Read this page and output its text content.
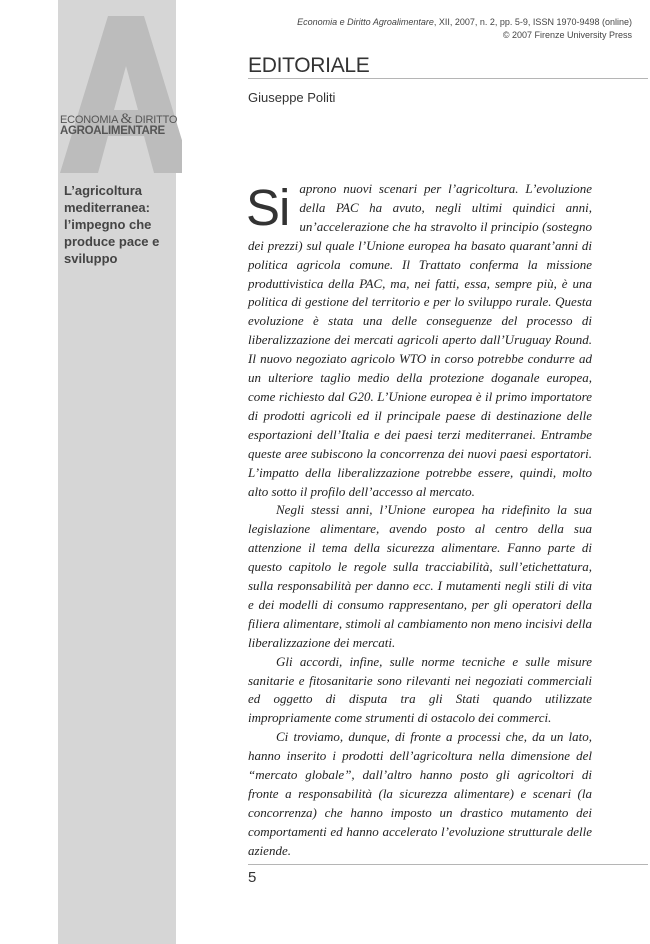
ECONOMIA & DIRITTO
AGROALIMENTARE
L’agricoltura mediterranea: l’impegno che produce pace e sviluppo
Economia e Diritto Agroalimentare, XII, 2007, n. 2, pp. 5-9, ISSN 1970-9498 (online)
© 2007 Firenze University Press
EDITORIALE
Giuseppe Politi

Si aprono nuovi scenari per l’agricoltura. L’evoluzione della PAC ha avuto, negli ultimi quindici anni, un’accelerazione che ha stravolto il principio (sostegno dei prezzi) sul quale l’Unione europea ha basato quarant’anni di politica agricola comune. Il Trattato conferma la missione produttivistica della PAC, ma, nei fatti, essa, sempre più, è una politica di gestione del territorio e per lo sviluppo rurale. Questa evoluzione è stata una delle conseguenze del processo di liberalizzazione dei mercati agricoli aperto dall’Uruguay Round. Il nuovo negoziato agricolo WTO in corso potrebbe condurre ad un ulteriore taglio medio della protezione doganale europea, come richiesto dal G20. L’Unione europea è il primo importatore di prodotti agricoli ed il principale paese di destinazione delle esportazioni dell’Italia e dei paesi terzi mediterranei. Entrambe queste aree subiscono la concorrenza dei nuovi paesi esportatori. L’impatto della liberalizzazione potrebbe essere, quindi, molto alto sotto il profilo dell’accesso al mercato.

Negli stessi anni, l’Unione europea ha ridefinito la sua legislazione alimentare, avendo posto al centro della sua attenzione il tema della sicurezza alimentare. Fanno parte di questo capitolo le regole sulla tracciabilità, sull’etichettatura, sulla responsabilità per danno ecc. I mutamenti negli stili di vita e dei modelli di consumo rappresentano, per gli operatori della filiera alimentare, stimoli al cambiamento non meno incisivi della liberalizzazione dei mercati.

Gli accordi, infine, sulle norme tecniche e sulle misure sanitarie e fitosanitarie sono rilevanti nei negoziati commerciali ed oggetto di disputa tra gli Stati quando utilizzate impropriamente come strumenti di ostacolo dei commerci.

Ci troviamo, dunque, di fronte a processi che, da un lato, hanno inserito i prodotti dell’agricoltura nella dimensione del “mercato globale”, dall’altro hanno posto gli agricoltori di fronte a responsabilità (la sicurezza alimentare) e scenari (la concorrenza) che hanno imposto un drastico mutamento dei comportamenti ed hanno accelerato l’evoluzione strutturale delle aziende.

5
